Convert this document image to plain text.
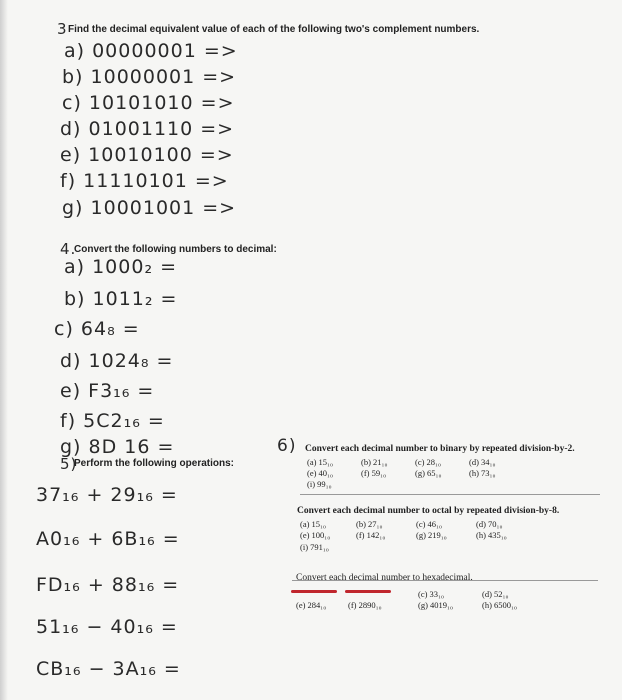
3 Find the decimal equivalent value of each of the following two's complement numbers.
a) 00000001 =>
b) 10000001 =>
c) 10101010 =>
d) 01001110 =>
e) 10010100 =>
f) 11110101 =>
g) 10001001 =>
4.
Convert the following numbers to decimal:
a) 1000₂ =
b) 1011₂ =
c) 64₈ =
d) 1024₈ =
e) F3₁₆ =
f) 5C2₁₆ =
g) 8D 16 =
5)
Perform the following operations:
37₁₆ + 29₁₆ =
A0₁₆ + 6B₁₆ =
FD₁₆ + 88₁₆ =
51₁₆ − 40₁₆ =
CB₁₆ − 3A₁₆ =
6) Convert each decimal number to binary by repeated division-by-2.
(a) 15₁₀	(b) 21₁₀	(c) 28₁₀	(d) 34₁₀
(e) 40₁₀	(f) 59₁₀	(g) 65₁₀	(h) 73₁₀
(i) 99₁₀
Convert each decimal number to octal by repeated division-by-8.
(a) 15₁₀	(b) 27₁₀	(c) 46₁₀	(d) 70₁₀
(e) 100₁₀	(f) 142₁₀	(g) 219₁₀	(h) 435₁₀
(i) 791₁₀
Convert each decimal number to hexadecimal.
(c) 33₁₀	(d) 52₁₀
(e) 284₁₀	(f) 2890₁₀	(g) 4019₁₀	(h) 6500₁₀
